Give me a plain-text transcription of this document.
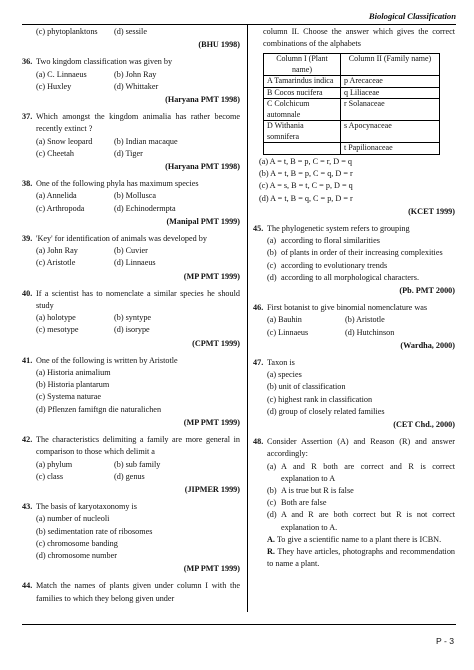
Biological Classification
(c) phytoplanktons	(d) sessile
(BHU 1998)
36. Two kingdom classification was given by
(a) C. Linnaeus	(b) John Ray
(c) Huxley	(d) Whittaker
(Haryana PMT 1998)
37. Which amongst the kingdom animalia has rather become recently extinct ?
(a) Snow leopard	(b) Indian macaque
(c) Cheetah	(d) Tiger
(Haryana PMT 1998)
38. One of the following phyla has maximum species
(a) Annelida	(b) Mollusca
(c) Arthropoda	(d) Echinodermpta
(Manipal PMT 1999)
39. 'Key' for identification of animals was developed by
(a) John Ray	(b) Cuvier
(c) Aristotle	(d) Linnaeus
(MP PMT 1999)
40. If a scientist has to nomenclate a similar species he should study
(a) holotype	(b) syntype
(c) mesotype	(d) isorype
(CPMT 1999)
41. One of the following is written by Aristotle
(a) Historia animalium
(b) Historia plantarum
(c) Systema naturae
(d) Pflenzen famiftgn die naturalichen
(MP PMT 1999)
42. The characteristics delimiting a family are more general in comparison to those which delimit a
(a) phylum	(b) sub family
(c) class	(d) genus
(JIPMER 1999)
43. The basis of karyotaxonomy is
(a) number of nucleoli
(b) sedimentation rate of ribosomes
(c) chromosome banding
(d) chromosome number
(MP PMT 1999)
44. Match the names of plants given under column I with the families to which they belong given under
column II. Choose the answer which gives the correct combinations of the alphabets
Column I (Plant name)	Column II (Family name)
A Tamarindus indica	p Arecaceae
B Cocos nucifera	q Liliaceae
C Colchicum automnale	r Solanaceae
D Withania somnifera	s Apocynaceae
	t Papilionaceae
(a) A = t, B = p, C = r, D = q
(b) A = t, B = p, C = q, D = r
(c) A = s, B = t, C = p, D = q
(d) A = t, B = q, C = p, D = r
(KCET 1999)
45. The phylogenetic system refers to grouping
(a) according to floral similarities
(b) of plants in order of their increasing complexities
(c) according to evolutionary trends
(d) according to all morphological characters.
(Pb. PMT 2000)
46. First botanist to give binomial nomenclature was
(a) Bauhin	(b) Aristotle
(c) Linnaeus	(d) Hutchinson
(Wardha, 2000)
47. Taxon is
(a) species
(b) unit of classification
(c) highest rank in classification
(d) group of closely related families
(CET Chd., 2000)
48. Consider Assertion (A) and Reason (R) and answer accordingly:
(a) A and R both are correct and R is correct explanation to A
(b) A is true but R is false
(c) Both are false
(d) A and R are both correct but R is not correct explanation to A.
A. To give a scientific name to a plant there is ICBN.
R. They have articles, photographs and recommendation to name a plant.
P - 3
